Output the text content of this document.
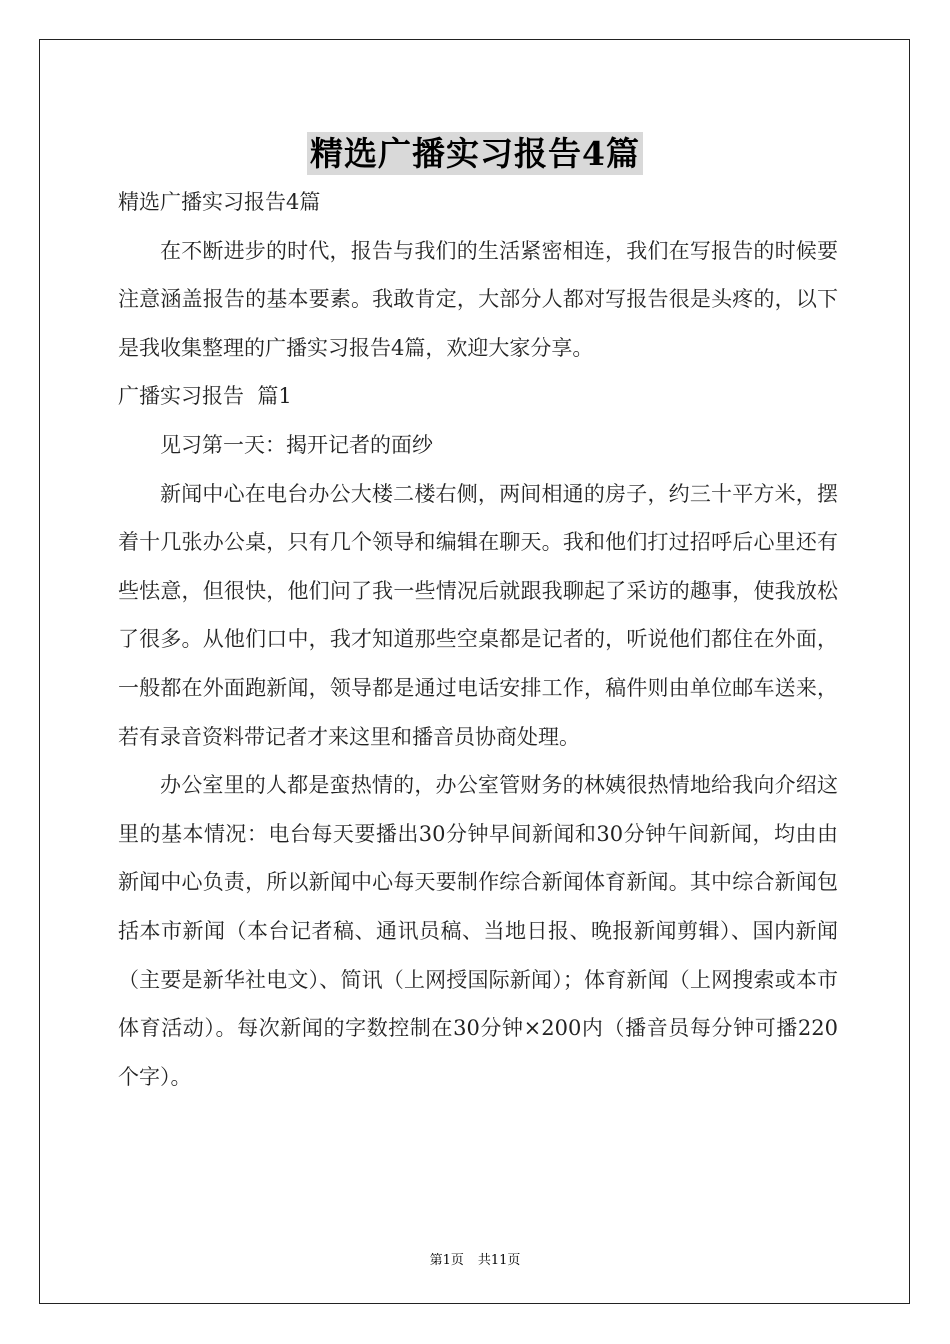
精选广播实习报告4篇

精选广播实习报告4篇

在不断进步的时代，报告与我们的生活紧密相连，我们在写报告的时候要注意涵盖报告的基本要素。我敢肯定，大部分人都对写报告很是头疼的，以下是我收集整理的广播实习报告4篇，欢迎大家分享。

广播实习报告  篇1

见习第一天：揭开记者的面纱

新闻中心在电台办公大楼二楼右侧，两间相通的房子，约三十平方米，摆着十几张办公桌，只有几个领导和编辑在聊天。我和他们打过招呼后心里还有些怯意，但很快，他们问了我一些情况后就跟我聊起了采访的趣事，使我放松了很多。从他们口中，我才知道那些空桌都是记者的，听说他们都住在外面，一般都在外面跑新闻，领导都是通过电话安排工作，稿件则由单位邮车送来，若有录音资料带记者才来这里和播音员协商处理。

办公室里的人都是蛮热情的，办公室管财务的林姨很热情地给我向介绍这里的基本情况：电台每天要播出30分钟早间新闻和30分钟午间新闻，均由由新闻中心负责，所以新闻中心每天要制作综合新闻体育新闻。其中综合新闻包括本市新闻（本台记者稿、通讯员稿、当地日报、晚报新闻剪辑）、国内新闻（主要是新华社电文）、简讯（上网授国际新闻）；体育新闻（上网搜索或本市体育活动）。每次新闻的字数控制在30分钟×200内（播音员每分钟可播220个字）。

第1页 共11页
